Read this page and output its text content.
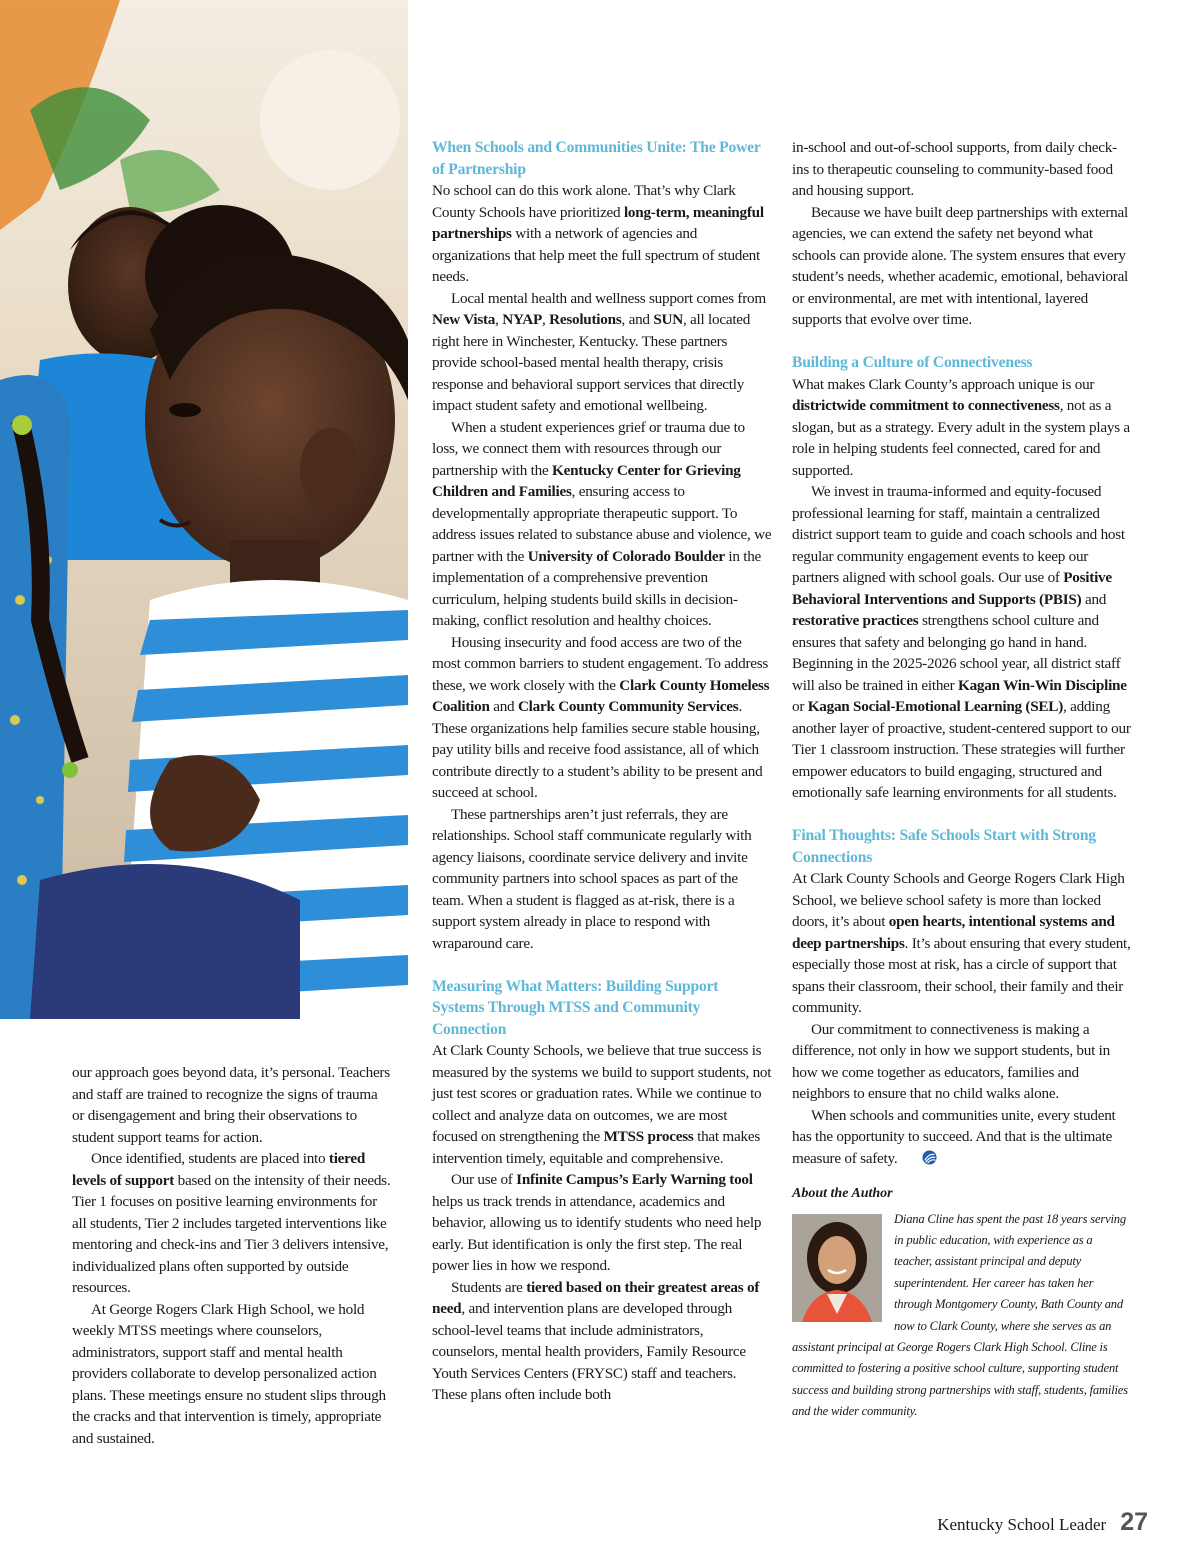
our approach goes beyond data, it’s personal. Teachers and staff are trained to recognize the signs of trauma or disengagement and bring their observations to student support teams for action.

Once identified, students are placed into tiered levels of support based on the intensity of their needs. Tier 1 focuses on positive learning environments for all students, Tier 2 includes targeted interventions like mentoring and check-ins and Tier 3 delivers intensive, individualized plans often supported by outside resources.

At George Rogers Clark High School, we hold weekly MTSS meetings where counselors, administrators, support staff and mental health providers collaborate to develop personalized action plans. These meetings ensure no student slips through the cracks and that intervention is timely, appropriate and sustained.

When Schools and Communities Unite: The Power of Partnership

No school can do this work alone. That’s why Clark County Schools have prioritized long-term, meaningful partnerships with a network of agencies and organizations that help meet the full spectrum of student needs.

Local mental health and wellness support comes from New Vista, NYAP, Resolutions, and SUN, all located right here in Winchester, Kentucky. These partners provide school-based mental health therapy, crisis response and behavioral support services that directly impact student safety and emotional wellbeing.

When a student experiences grief or trauma due to loss, we connect them with resources through our partnership with the Kentucky Center for Grieving Children and Families, ensuring access to developmentally appropriate therapeutic support. To address issues related to substance abuse and violence, we partner with the University of Colorado Boulder in the implementation of a comprehensive prevention curriculum, helping students build skills in decision-making, conflict resolution and healthy choices.

Housing insecurity and food access are two of the most common barriers to student engagement. To address these, we work closely with the Clark County Homeless Coalition and Clark County Community Services. These organizations help families secure stable housing, pay utility bills and receive food assistance, all of which contribute directly to a student’s ability to be present and succeed at school.

These partnerships aren’t just referrals, they are relationships. School staff communicate regularly with agency liaisons, coordinate service delivery and invite community partners into school spaces as part of the team. When a student is flagged as at-risk, there is a support system already in place to respond with wraparound care.

Measuring What Matters: Building Support Systems Through MTSS and Community Connection

At Clark County Schools, we believe that true success is measured by the systems we build to support students, not just test scores or graduation rates. While we continue to collect and analyze data on outcomes, we are most focused on strengthening the MTSS process that makes intervention timely, equitable and comprehensive.

Our use of Infinite Campus’s Early Warning tool helps us track trends in attendance, academics and behavior, allowing us to identify students who need help early. But identification is only the first step. The real power lies in how we respond.

Students are tiered based on their greatest areas of need, and intervention plans are developed through school-level teams that include administrators, counselors, mental health providers, Family Resource Youth Services Centers (FRYSC) staff and teachers. These plans often include both

in-school and out-of-school supports, from daily check-ins to therapeutic counseling to community-based food and housing support.

Because we have built deep partnerships with external agencies, we can extend the safety net beyond what schools can provide alone. The system ensures that every student’s needs, whether academic, emotional, behavioral or environmental, are met with intentional, layered supports that evolve over time.

Building a Culture of Connectiveness

What makes Clark County’s approach unique is our districtwide commitment to connectiveness, not as a slogan, but as a strategy. Every adult in the system plays a role in helping students feel connected, cared for and supported.

We invest in trauma-informed and equity-focused professional learning for staff, maintain a centralized district support team to guide and coach schools and host regular community engagement events to keep our partners aligned with school goals. Our use of Positive Behavioral Interventions and Supports (PBIS) and restorative practices strengthens school culture and ensures that safety and belonging go hand in hand. Beginning in the 2025-2026 school year, all district staff will also be trained in either Kagan Win-Win Discipline or Kagan Social-Emotional Learning (SEL), adding another layer of proactive, student-centered support to our Tier 1 classroom instruction. These strategies will further empower educators to build engaging, structured and emotionally safe learning environments for all students.

Final Thoughts: Safe Schools Start with Strong Connections

At Clark County Schools and George Rogers Clark High School, we believe school safety is more than locked doors, it’s about open hearts, intentional systems and deep partnerships. It’s about ensuring that every student, especially those most at risk, has a circle of support that spans their classroom, their school, their family and their community.

Our commitment to connectiveness is making a difference, not only in how we support students, but in how we come together as educators, families and neighbors to ensure that no child walks alone.

When schools and communities unite, every student has the opportunity to succeed. And that is the ultimate measure of safety.

About the Author
Diana Cline has spent the past 18 years serving in public education, with experience as a teacher, assistant principal and deputy superintendent. Her career has taken her through Montgomery County, Bath County and now to Clark County, where she serves as an assistant principal at George Rogers Clark High School. Cline is committed to fostering a positive school culture, supporting student success and building strong partnerships with staff, students, families and the wider community.
Kentucky School Leader 27
